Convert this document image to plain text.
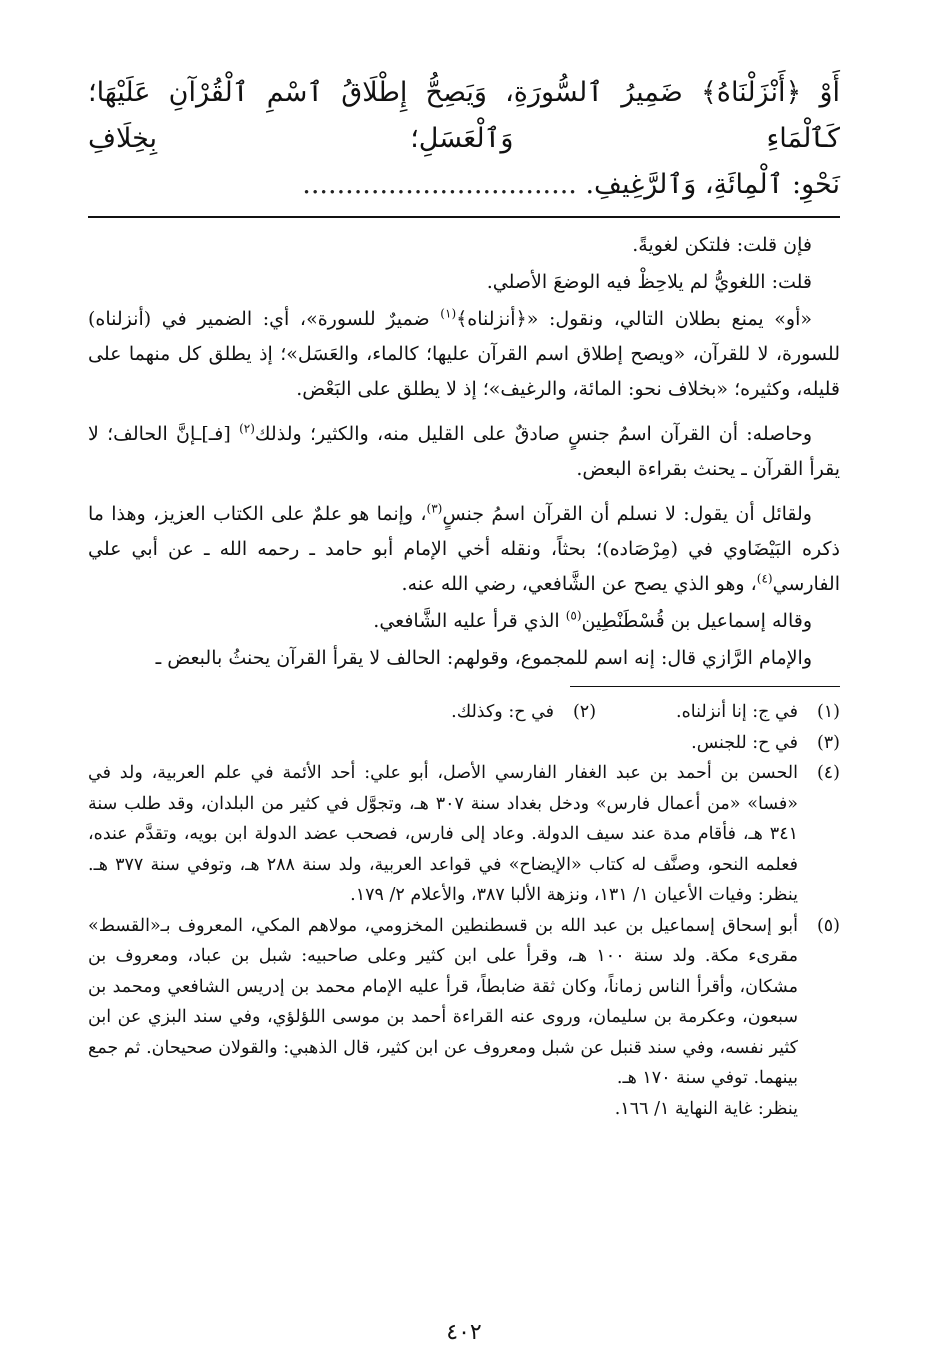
أَوْ ﴿أَنْزَلْنَاهُ﴾ ضَمِيرُ ٱلسُّورَةِ، وَيَصِحُّ إِطْلَاقُ ٱسْمِ ٱلْقُرْآنِ عَلَيْهَا؛ كَٱلْمَاءِ وَٱلْعَسَلِ؛ بِخِلَافِ

نَحْوِ: ٱلْمِائَةِ، وَٱلرَّغِيفِ. ................................

فإن قلت: فلتكن لغويةً.

قلت: اللغويُّ لم يلاحِظْ فيه الوضعَ الأصلي.

«أو» يمنع بطلان التالي، ونقول: «﴿أنزلناه﴾$^{(١)}$ ضميرٌ للسورة»، أي: الضمير في (أنزلناه) للسورة، لا للقرآن، «ويصح إطلاق اسم القرآن عليها؛ كالماء، والعَسَل»؛ إذ يطلق كل منهما على قليله، وكثيره؛ «بخلاف نحو: المائة، والرغيف»؛ إذ لا يطلق على البَعْض.

وحاصله: أن القرآن اسمُ جنسٍ صادقٌ على القليل منه، والكثير؛ ولذلك$^{(٢)}$ [فـ]ـإنَّ الحالف؛ لا يقرأ القرآن ـ يحنث بقراءة البعض.

ولقائل أن يقول: لا نسلم أن القرآن اسمُ جنسٍ$^{(٣)}$، وإنما هو علمٌ على الكتاب العزيز، وهذا ما ذكره البَيْضَاوي في (مِرْصَاده)؛ بحثاً، ونقله أخي الإمام أبو حامد ـ رحمه الله ـ عن أبي علي الفارسي$^{(٤)}$، وهو الذي يصح عن الشَّافعي، رضي الله عنه.

وقاله إسماعيل بن قُسْطَنْطِين$^{(٥)}$ الذي قرأ عليه الشَّافعي.

والإمام الرَّازي قال: إنه اسم للمجموع، وقولهم: الحالف لا يقرأ القرآن يحنثُ بالبعض ـ

(١)
في ج: إنا أنزلناه.
(٢)
في ح: وكذلك.
(٣)
في ح: للجنس.
(٤)
الحسن بن أحمد بن عبد الغفار الفارسي الأصل، أبو علي: أحد الأئمة في علم العربية، ولد في «فسا» «من أعمال فارس» ودخل بغداد سنة ٣٠٧ هـ، وتجوَّل في كثير من البلدان، وقد طلب سنة ٣٤١ هـ، فأقام مدة عند سيف الدولة. وعاد إلى فارس، فصحب عضد الدولة ابن بويه، وتقدَّم عنده، فعلمه النحو، وصنَّف له كتاب «الإيضاح» في قواعد العربية، ولد سنة ٢٨٨ هـ، وتوفي سنة ٣٧٧ هـ. ينظر: وفيات الأعيان ١/ ١٣١، ونزهة الألبا ٣٨٧، والأعلام ٢/ ١٧٩.
(٥)
أبو إسحاق إسماعيل بن عبد الله بن قسطنطين المخزومي، مولاهم المكي، المعروف بـ«القسط» مقرىء مكة. ولد سنة ١٠٠ هـ، وقرأ على ابن كثير وعلى صاحبيه: شبل بن عباد، ومعروف بن مشكان، وأقرأ الناس زماناً، وكان ثقة ضابطاً، قرأ عليه الإمام محمد بن إدريس الشافعي ومحمد بن سبعون، وعكرمة بن سليمان، وروى عنه القراءة أحمد بن موسى اللؤلؤي، وفي سند البزي عن ابن كثير نفسه، وفي سند قنبل عن شبل ومعروف عن ابن كثير، قال الذهبي: والقولان صحيحان. ثم جمع بينهما. توفي سنة ١٧٠ هـ.
ينظر: غاية النهاية ١/ ١٦٦.
٤٠٢
